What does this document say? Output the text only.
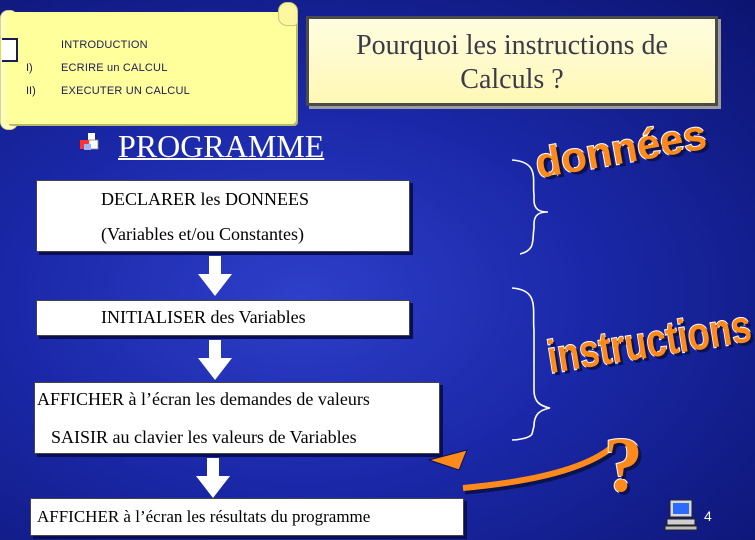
INTRODUCTION
I)	ECRIRE un CALCUL
II) EXECUTER UN CALCUL
Pourquoi les instructions de
Calculs ?
PROGRAMME
DECLARER les DONNEES
(Variables et/ou Constantes)
INITIALISER des Variables
AFFICHER à l’écran les demandes de valeurs
SAISIR au clavier les valeurs de Variables
AFFICHER à l’écran les résultats du programme
données
instructions
?
4
